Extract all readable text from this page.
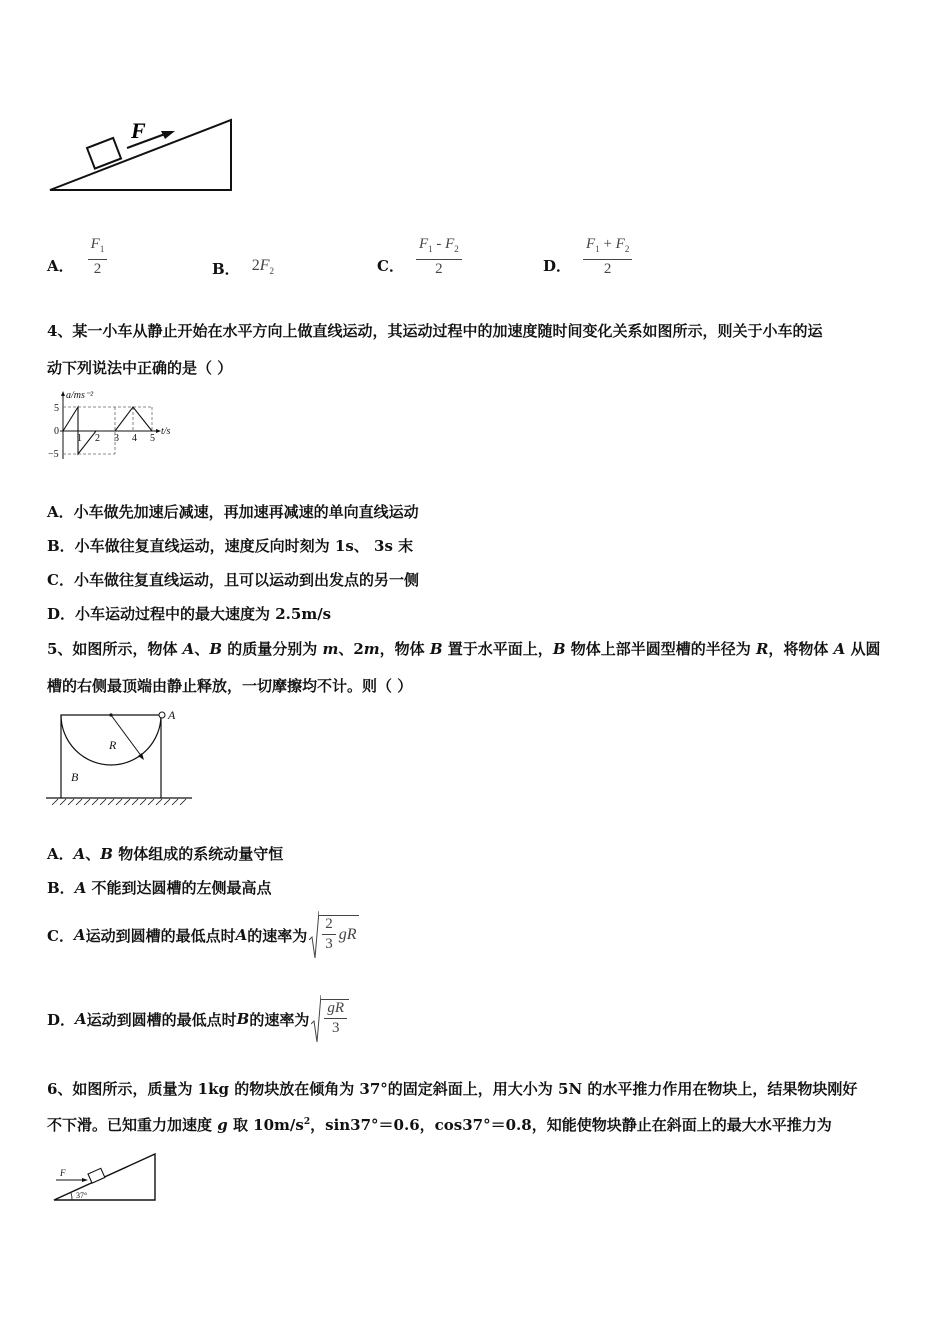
F
A． $\frac{F_1}{2}$	B． $2F_2$	C． $\frac{F_1 - F_2}{2}$	D． $\frac{F_1 + F_2}{2}$
4、某一小车从静止开始在水平方向上做直线运动，其运动过程中的加速度随时间变化关系如图所示，则关于小车的运
动下列说法中正确的是（ ）
a/ms⁻²
t/s
5
0
−5
1 2 3 4 5
A．小车做先加速后减速，再加速再减速的单向直线运动
B．小车做往复直线运动，速度反向时刻为 1s、 3s 末
C．小车做往复直线运动，且可以运动到出发点的另一侧
D．小车运动过程中的最大速度为 2.5m/s
5、如图所示，物体 A、B 的质量分别为 m、2m，物体 B 置于水平面上，B 物体上部半圆型槽的半径为 R，将物体 A 从圆
槽的右侧最顶端由静止释放，一切摩擦均不计。则（ ）
A
R
B
A．A、B 物体组成的系统动量守恒
B．A 不能到达圆槽的左侧最高点
C． A 运动到圆槽的最低点时 A 的速率为 $\frac{2}{3}$ gR
D． A 运动到圆槽的最低点时 B 的速率为 $\frac{gR}{3}$
6、如图所示，质量为 1kg 的物块放在倾角为 37°的固定斜面上，用大小为 5N 的水平推力作用在物块上，结果物块刚好
不下滑。已知重力加速度 g 取 $10m/s^2$，sin37°＝0.6，cos37°＝0.8，知能使物块静止在斜面上的最大水平推力为
F
37°
